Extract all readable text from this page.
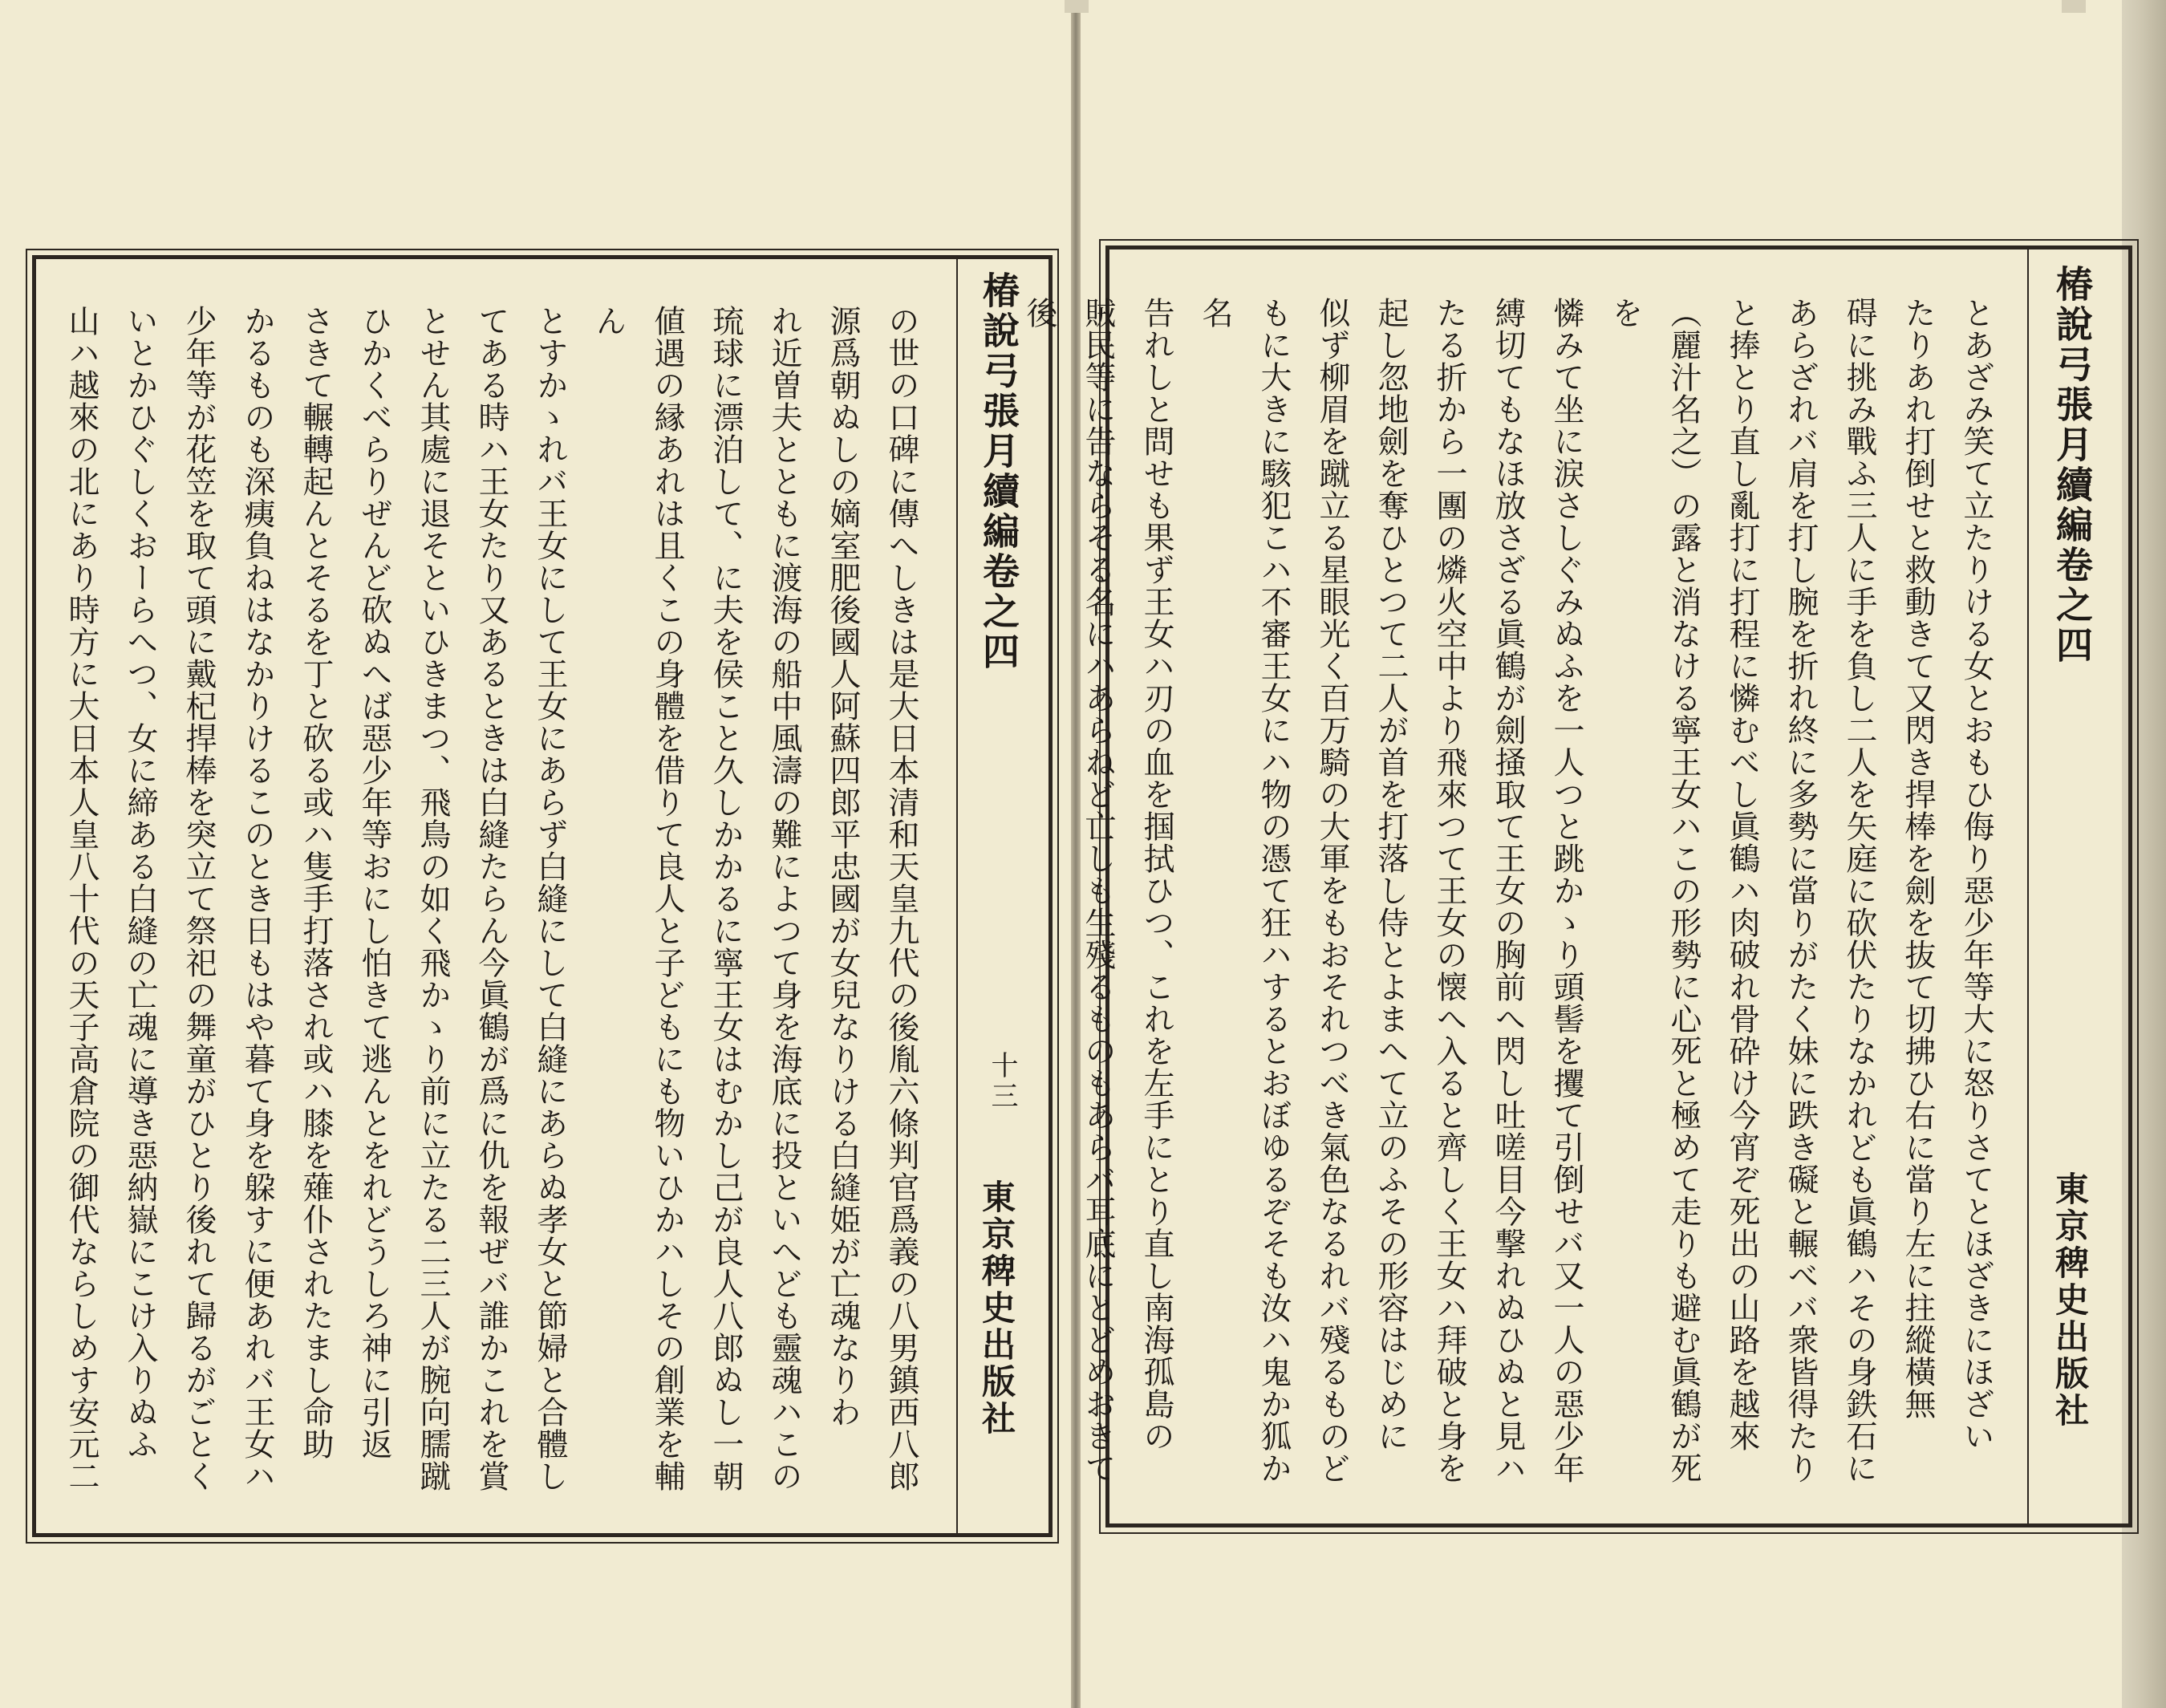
椿說弓張月續編卷之四
十三
東京稗史出版社
の世の口碑に傳へしきは是大日本清和天皇九代の後胤六條判官爲義の八男鎮西八郎
源爲朝ぬしの嫡室肥後國人阿蘇四郎平忠國が女兒なりける白縫姫が亡魂なりわ
れ近曽夫とともに渡海の船中風濤の難によつて身を海底に投といへども靈魂ハこの
琉球に漂泊して、に夫を侯こと久しかかるに寧王女はむかし己が良人八郎ぬし一朝
値遇の縁あれは且くこの身體を借りて良人と子どもにも物いひかハしその創業を輔ん
とすかゝれバ王女にして王女にあらず白縫にして白縫にあらぬ孝女と節婦と合體し
てある時ハ王女たり又あるときは白縫たらん今眞鶴が爲に仇を報ぜバ誰かこれを賞
とせん其處に退そといひきまつ、飛鳥の如く飛かゝり前に立たる二三人が腕向臑蹴
ひかくべらりぜんど砍ぬへば惡少年等おにし怕きて逃んとをれどうしろ神に引返
さきて輾轉起んとそるを丁と砍る或ハ隻手打落され或ハ膝を薙仆されたまし命助
かるものも深痍負ねはなかりけるこのとき日もはや暮て身を躱すに便あれバ王女ハ
少年等が花笠を取て頭に戴杞捍棒を突立て祭祀の舞童がひとり後れて歸るがごとく
いとかひぐしくおーらへつ、女に締ある白縫の亡魂に導き惡納嶽にこけ入りぬふ
山ハ越來の北にあり時方に大日本人皇八十代の天子高倉院の御代ならしめす安元二	椿說弓張月續編卷之四
東京稗史出版社
とあざみ笑て立たりける女とおもひ侮り惡少年等大に怒りさてとほざきにほざい
たりあれ打倒せと救動きて又閃き捍棒を劍を抜て切拂ひ右に當り左に拄縱橫無
碍に挑み戰ふ三人に手を負し二人を矢庭に砍伏たりなかれども眞鶴ハその身鉄石に
あらざれバ肩を打し腕を折れ終に多勢に當りがたく妹に跌き礙と輾べバ衆皆得たり
と捧とり直し亂打に打程に憐むべし眞鶴ハ肉破れ骨砕け今宵ぞ死出の山路を越來
（麗汁名之）の露と消なける寧王女ハこの形勢に心死と極めて走りも避む眞鶴が死を
憐みて坐に涙さしぐみぬふを一人つと跳かゝり頭髻を攫て引倒せバ又一人の惡少年
縛切てもなほ放さざる眞鶴が劍掻取て王女の胸前へ閃し吐嗟目今撃れぬひぬと見ハ
たる折から一團の燐火空中より飛來つて王女の懐へ入ると齊しく王女ハ拜破と身を
起し忽地劍を奪ひとつて二人が首を打落し侍とよまへて立のふその形容はじめに
似ず柳眉を蹴立る星眼光く百万騎の大軍をもおそれつべき氣色なるれバ殘るものど
もに大きに駭犯こハ不審王女にハ物の憑て狂ハするとおぼゆるぞそも汝ハ鬼か狐か名
告れしと問せも果ず王女ハ刃の血を掴拭ひつ、これを左手にとり直し南海孤島の
賊民等に告ならそる名にハあらねど亡しも生殘るものもあらバ耳底にとどめおきて後
